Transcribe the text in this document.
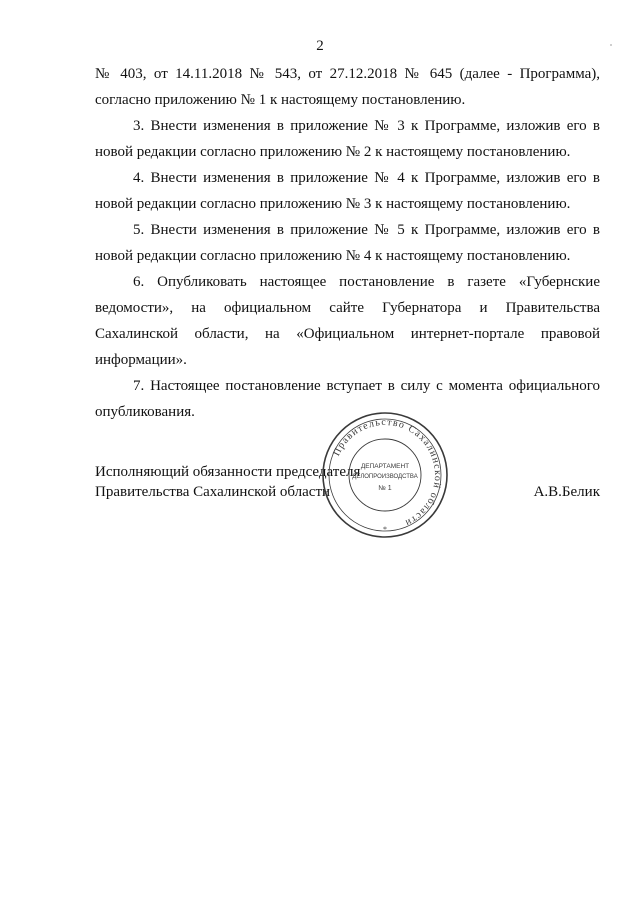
2

№ 403, от 14.11.2018 № 543, от 27.12.2018 № 645 (далее - Программа), согласно приложению № 1 к настоящему постановлению.

3. Внести изменения в приложение № 3 к Программе, изложив его в новой редакции согласно приложению № 2 к настоящему постановлению.

4. Внести изменения в приложение № 4 к Программе, изложив его в новой редакции согласно приложению № 3 к настоящему постановлению.

5. Внести изменения в приложение № 5 к Программе, изложив его в новой редакции согласно приложению № 4 к настоящему постановлению.

6. Опубликовать настоящее постановление в газете «Губернские ведомости», на официальном сайте Губернатора и Правительства Сахалинской области, на «Официальном интернет-портале правовой информации».

7. Настоящее постановление вступает в силу с момента официального опубликования.

Исполняющий обязанности председателя
Правительства Сахалинской области	А.В.Белик
Правительство Сахалинской области
ДЕПАРТАМЕНТ
ДЕЛОПРОИЗВОДСТВА
№ 1
*
